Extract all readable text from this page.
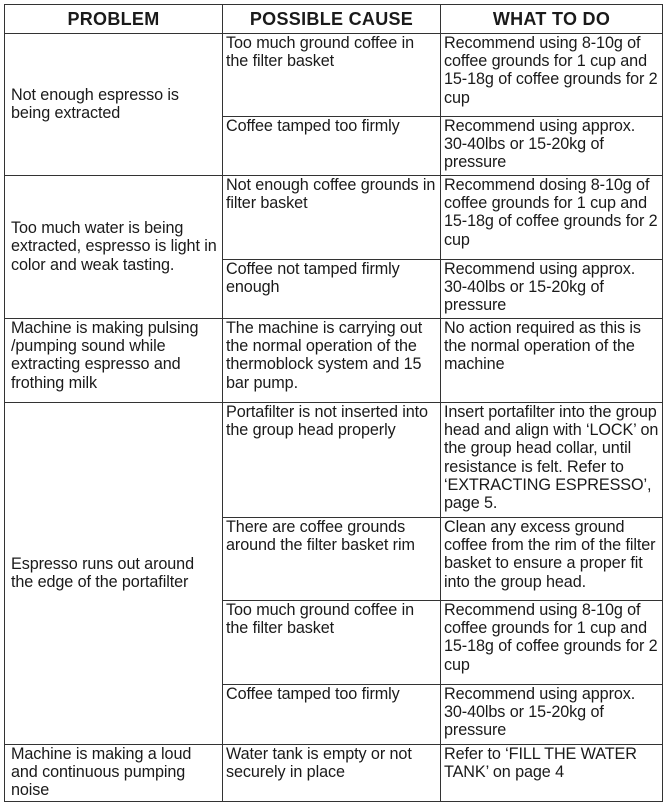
PROBLEM	POSSIBLE CAUSE	WHAT TO DO
Not enough espresso is being extracted	Too much ground coffee in the filter basket	Recommend using 8-10g of coffee grounds for 1 cup and 15-18g of coffee grounds for 2 cup
	Coffee tamped too firmly	Recommend using approx. 30-40lbs or 15-20kg of pressure
Too much water is being extracted, espresso is light in color and weak tasting.	Not enough coffee grounds in filter basket	Recommend dosing 8-10g of coffee grounds for 1 cup and 15-18g of coffee grounds for 2 cup
	Coffee not tamped firmly enough	Recommend using approx. 30-40lbs or 15-20kg of pressure
Machine is making pulsing /pumping sound while extracting espresso and frothing milk	The machine is carrying out the normal operation of the thermoblock system and 15 bar pump.	No action required as this is the normal operation of the machine
Espresso runs out around the edge of the portafilter	Portafilter is not inserted into the group head properly	Insert portafilter into the group head and align with ‘LOCK’ on the group head collar, until resistance is felt. Refer to ‘EXTRACTING ESPRESSO’, page 5.
	There are coffee grounds around the filter basket rim	Clean any excess ground coffee from the rim of the filter basket to ensure a proper fit into the group head.
	Too much ground coffee in the filter basket	Recommend using 8-10g of coffee grounds for 1 cup and 15-18g of coffee grounds for 2 cup
	Coffee tamped too firmly	Recommend using approx. 30-40lbs or 15-20kg of pressure
Machine is making a loud and continuous pumping noise	Water tank is empty or not securely in place	Refer to ‘FILL THE WATER TANK’ on page 4
